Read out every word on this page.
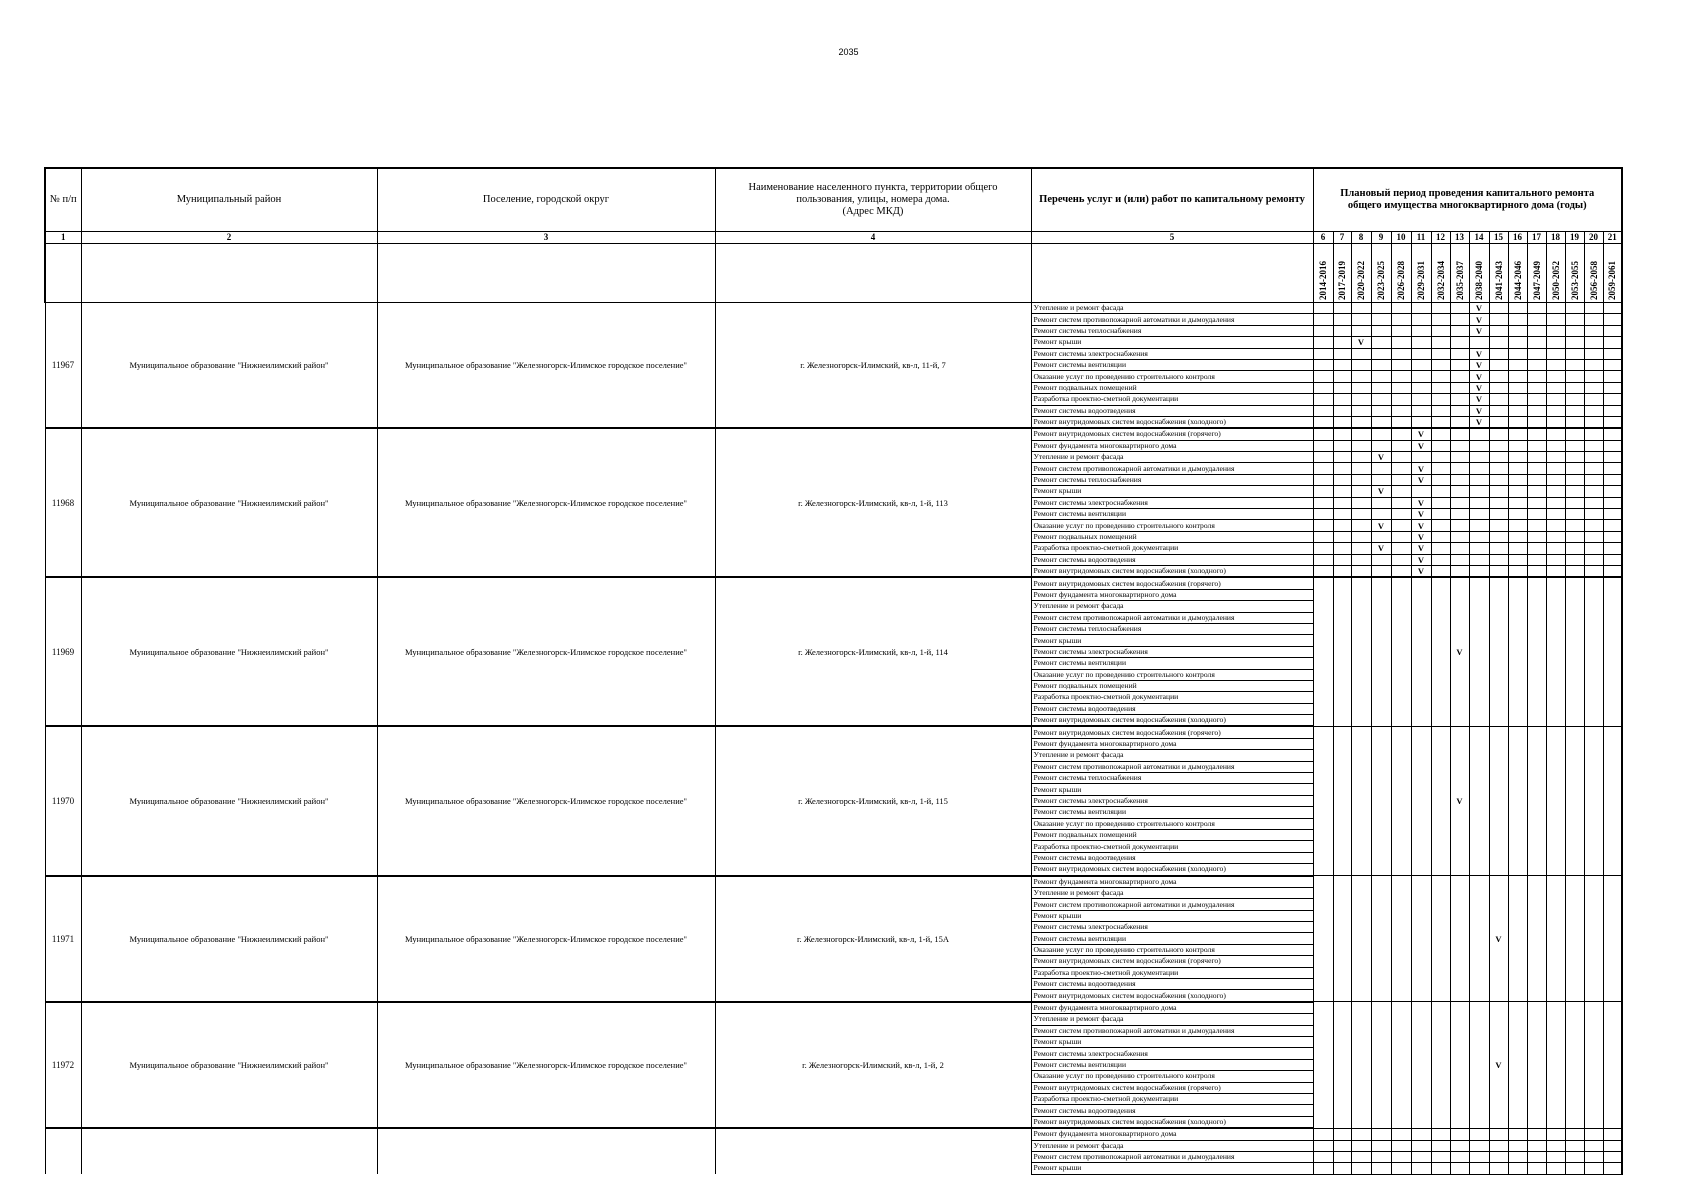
2035
№ п/п	Муниципальный район	Поселение, городской округ	Наименование населенного пункта, территории общего
пользования, улицы, номера дома.
(Адрес МКД)	Перечень услуг и (или) работ по капитальному ремонту	Плановый период проведения капитального ремонта общего имущества многоквартирного дома (годы)															
1	2	3	4	5	6	7	8	9	10	11	12	13	14	15	16	17	18	19	20	21

					2014-2016	2017-2019	2020-2022	2023-2025	2026-2028	2029-2031	2032-2034	2035-2037	2038-2040	2041-2043	2044-2046	2047-2049	2050-2052	2053-2055	2056-2058	2059-2061

11967	Муниципальное образование "Нижнеилимский район"	Муниципальное образование "Железногорск-Илимское городское поселение"	г. Железногорск-Илимский, кв-л, 11-й, 7	Утепление и ремонт фасада									V							
				Ремонт систем противопожарной автоматики и дымоудаления									V							
				Ремонт системы теплоснабжения									V							
				Ремонт крыши			V													
				Ремонт системы электроснабжения									V							
				Ремонт системы вентиляции									V							
				Оказание услуг по проведению строительного контроля									V							
				Ремонт подвальных помещений									V							
				Разработка проектно-сметной документации									V							
				Ремонт системы водоотведения									V							
				Ремонт внутридомовых систем водоснабжения (холодного)									V							
11968	Муниципальное образование "Нижнеилимский район"	Муниципальное образование "Железногорск-Илимское городское поселение"	г. Железногорск-Илимский, кв-л, 1-й, 113	Ремонт внутридомовых систем водоснабжения (горячего)						V										
				Ремонт фундамента многоквартирного дома						V										
				Утепление и ремонт фасада				V												
				Ремонт систем противопожарной автоматики и дымоудаления						V										
				Ремонт системы теплоснабжения						V										
				Ремонт крыши				V												
				Ремонт системы электроснабжения						V										
				Ремонт системы вентиляции						V										
				Оказание услуг по проведению строительного контроля				V		V										
				Ремонт подвальных помещений						V										
				Разработка проектно-сметной документации				V		V										
				Ремонт системы водоотведения						V										
				Ремонт внутридомовых систем водоснабжения (холодного)						V										
11969	Муниципальное образование "Нижнеилимский район"	Муниципальное образование "Железногорск-Илимское городское поселение"	г. Железногорск-Илимский, кв-л, 1-й, 114	Ремонт внутридомовых систем водоснабжения (горячего)								V								
				Ремонт фундамента многоквартирного дома																
				Утепление и ремонт фасада																
				Ремонт систем противопожарной автоматики и дымоудаления																
				Ремонт системы теплоснабжения																
				Ремонт крыши																
				Ремонт системы электроснабжения																
				Ремонт системы вентиляции																
				Оказание услуг по проведению строительного контроля																
				Ремонт подвальных помещений																
				Разработка проектно-сметной документации																
				Ремонт системы водоотведения																
				Ремонт внутридомовых систем водоснабжения (холодного)																
11970	Муниципальное образование "Нижнеилимский район"	Муниципальное образование "Железногорск-Илимское городское поселение"	г. Железногорск-Илимский, кв-л, 1-й, 115	Ремонт внутридомовых систем водоснабжения (горячего)								V								
				Ремонт фундамента многоквартирного дома																
				Утепление и ремонт фасада																
				Ремонт систем противопожарной автоматики и дымоудаления																
				Ремонт системы теплоснабжения																
				Ремонт крыши																
				Ремонт системы электроснабжения																
				Ремонт системы вентиляции																
				Оказание услуг по проведению строительного контроля																
				Ремонт подвальных помещений																
				Разработка проектно-сметной документации																
				Ремонт системы водоотведения																
				Ремонт внутридомовых систем водоснабжения (холодного)																
11971	Муниципальное образование "Нижнеилимский район"	Муниципальное образование "Железногорск-Илимское городское поселение"	г. Железногорск-Илимский, кв-л, 1-й, 15А	Ремонт фундамента многоквартирного дома										V						
				Утепление и ремонт фасада																
				Ремонт систем противопожарной автоматики и дымоудаления																
				Ремонт крыши																
				Ремонт системы электроснабжения																
				Ремонт системы вентиляции																
				Оказание услуг по проведению строительного контроля																
				Ремонт внутридомовых систем водоснабжения (горячего)																
				Разработка проектно-сметной документации																
				Ремонт системы водоотведения																
				Ремонт внутридомовых систем водоснабжения (холодного)																
11972	Муниципальное образование "Нижнеилимский район"	Муниципальное образование "Железногорск-Илимское городское поселение"	г. Железногорск-Илимский, кв-л, 1-й, 2	Ремонт фундамента многоквартирного дома										V						
				Утепление и ремонт фасада																
				Ремонт систем противопожарной автоматики и дымоудаления																
				Ремонт крыши																
				Ремонт системы электроснабжения																
				Ремонт системы вентиляции																
				Оказание услуг по проведению строительного контроля																
				Ремонт внутридомовых систем водоснабжения (горячего)																
				Разработка проектно-сметной документации																
				Ремонт системы водоотведения																
				Ремонт внутридомовых систем водоснабжения (холодного)																
				Ремонт фундамента многоквартирного дома																
				Утепление и ремонт фасада																
				Ремонт систем противопожарной автоматики и дымоудаления																
				Ремонт крыши																
